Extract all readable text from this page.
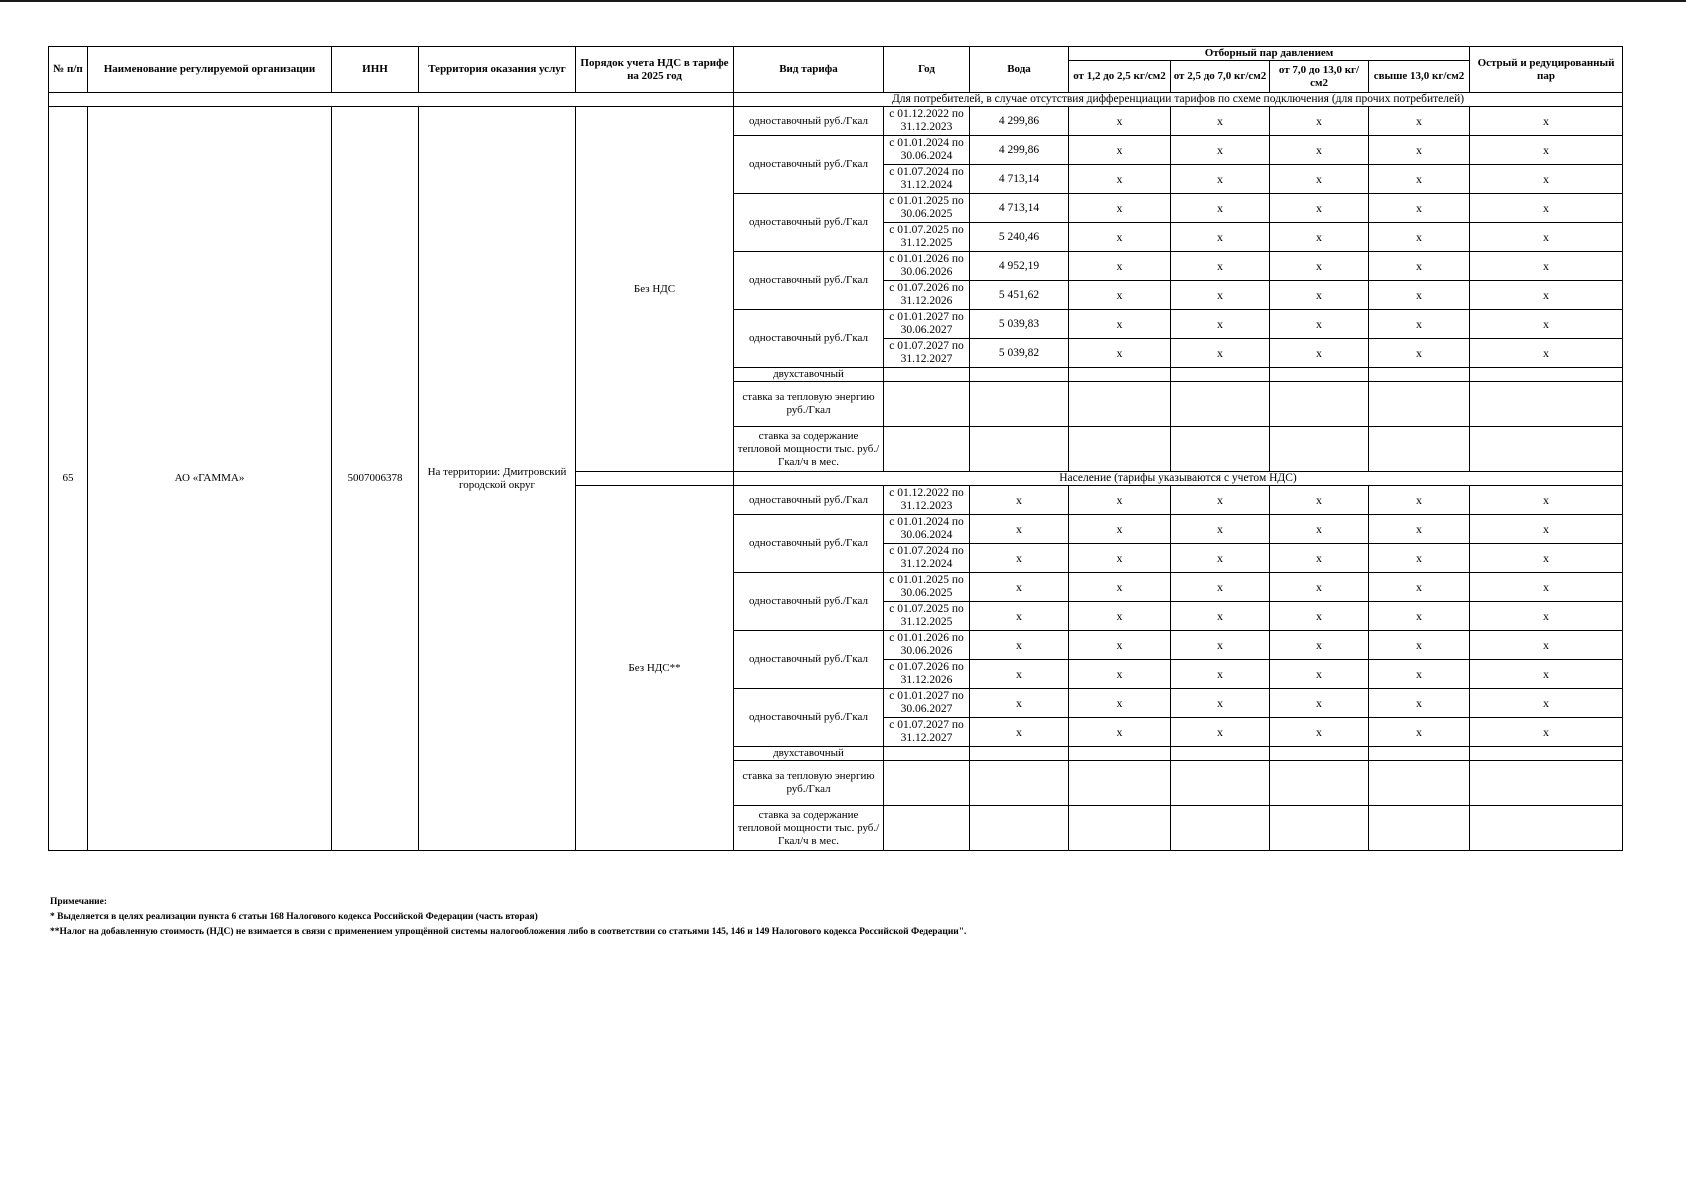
№ п/п	Наименование регулируемой организации	ИНН	Территория оказания услуг	Порядок учета НДС в тарифе на 2025 год	Вид тарифа	Год	Вода	Отборный пар давлением				Острый и редуцированный пар
								от 1,2 до 2,5 кг/см2	от 2,5 до 7,0 кг/см2	от 7,0 до 13,0 кг/см2	свыше 13,0 кг/см2	
					Для потребителей, в случае отсутствия дифференциации тарифов по схеме подключения (для прочих потребителей)							
65	АО «ГАММА»	5007006378	На территории: Дмитровский городской округ	Без НДС	одноставочный руб./Гкал	с 01.12.2022 по 31.12.2023	4 299,86	х	х	х	х	х
					одноставочный руб./Гкал	с 01.01.2024 по 30.06.2024	4 299,86	х	х	х	х	х
						с 01.07.2024 по 31.12.2024	4 713,14	х	х	х	х	х
					одноставочный руб./Гкал	с 01.01.2025 по 30.06.2025	4 713,14	х	х	х	х	х
						с 01.07.2025 по 31.12.2025	5 240,46	х	х	х	х	х
					одноставочный руб./Гкал	с 01.01.2026 по 30.06.2026	4 952,19	х	х	х	х	х
						с 01.07.2026 по 31.12.2026	5 451,62	х	х	х	х	х
					одноставочный руб./Гкал	с 01.01.2027 по 30.06.2027	5 039,83	х	х	х	х	х
						с 01.07.2027 по 31.12.2027	5 039,82	х	х	х	х	х
					двухставочный							
					ставка за тепловую энергию руб./Гкал							
					ставка за содержание тепловой мощности тыс. руб./Гкал/ч в мес.							
					Население (тарифы указываются с учетом НДС)							
				Без НДС**	одноставочный руб./Гкал	с 01.12.2022 по 31.12.2023	х	х	х	х	х	х
					одноставочный руб./Гкал	с 01.01.2024 по 30.06.2024	х	х	х	х	х	х
						с 01.07.2024 по 31.12.2024	х	х	х	х	х	х
					одноставочный руб./Гкал	с 01.01.2025 по 30.06.2025	х	х	х	х	х	х
						с 01.07.2025 по 31.12.2025	х	х	х	х	х	х
					одноставочный руб./Гкал	с 01.01.2026 по 30.06.2026	х	х	х	х	х	х
						с 01.07.2026 по 31.12.2026	х	х	х	х	х	х
					одноставочный руб./Гкал	с 01.01.2027 по 30.06.2027	х	х	х	х	х	х
						с 01.07.2027 по 31.12.2027	х	х	х	х	х	х
					двухставочный							
					ставка за тепловую энергию руб./Гкал							
					ставка за содержание тепловой мощности тыс. руб./Гкал/ч в мес.							
Примечание:
* Выделяется в целях реализации пункта 6 статьи 168 Налогового кодекса Российской Федерации (часть вторая)
**Налог на добавленную стоимость (НДС) не взимается в связи с применением упрощённой системы налогообложения либо в соответствии со статьями 145, 146 и 149 Налогового кодекса Российской Федерации".
